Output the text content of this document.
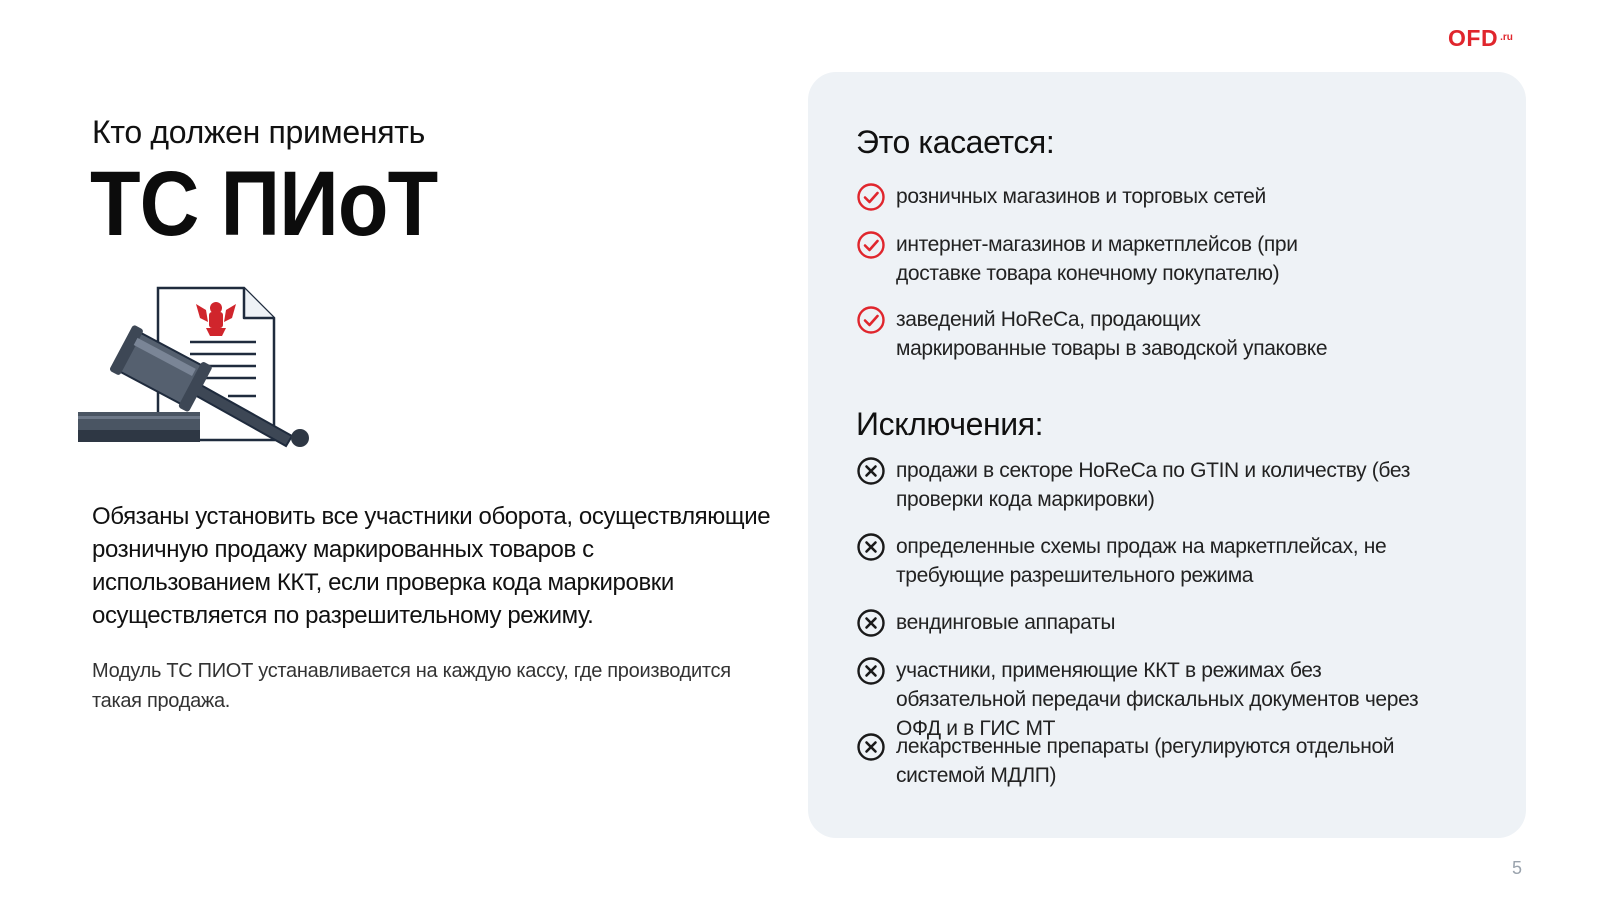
OFD .ru
Кто должен применять
ТС ПИоТ
Обязаны установить все участники оборота, осуществляющие розничную продажу маркированных товаров с использованием ККТ, если проверка кода маркировки осуществляется по разрешительному режиму.
Модуль ТС ПИОТ устанавливается на каждую кассу, где производится такая продажа.
Это касается:
розничных магазинов и торговых сетей
интернет-магазинов и маркетплейсов (при доставке товара конечному покупателю)
заведений HoReCa, продающих маркированные товары в заводской упаковке
Исключения:
продажи в секторе HoReCa по GTIN и количеству (без проверки кода маркировки)
определенные схемы продаж на маркетплейсах, не требующие разрешительного режима
вендинговые аппараты
участники, применяющие ККТ в режимах без обязательной передачи фискальных документов через ОФД и в ГИС МТ
лекарственные препараты (регулируются отдельной системой МДЛП)
5
